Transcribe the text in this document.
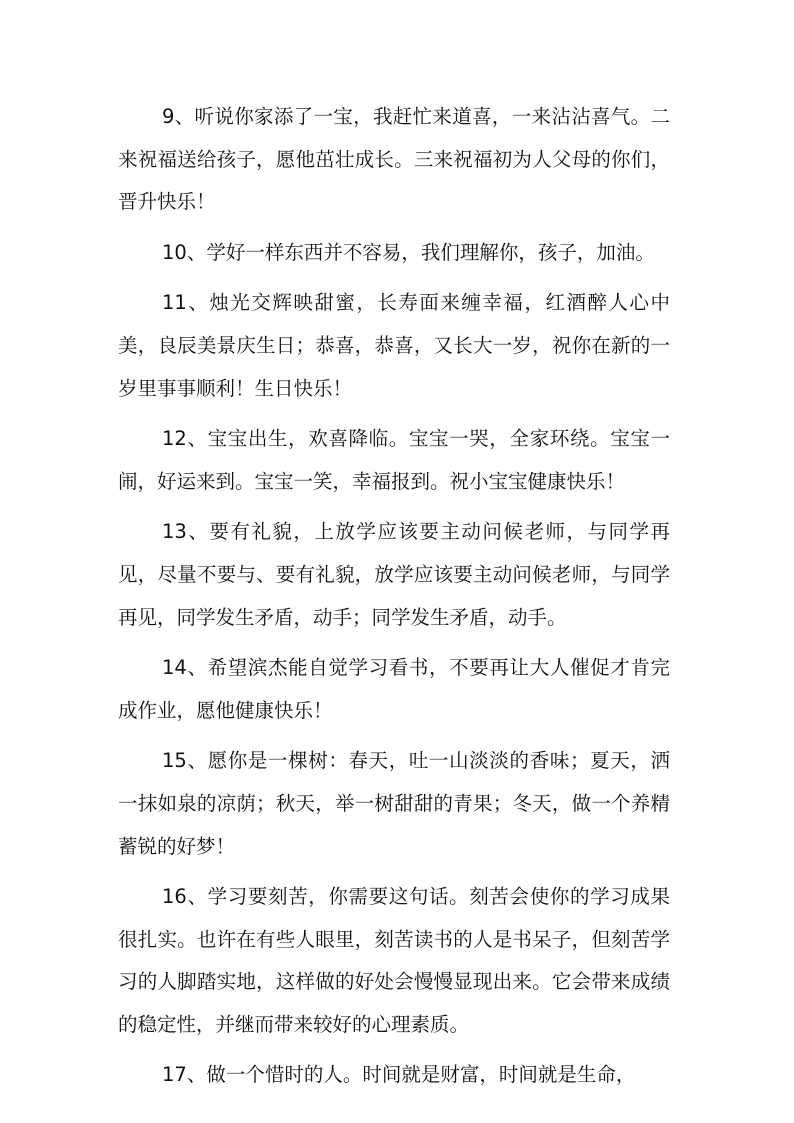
9、听说你家添了一宝，我赶忙来道喜，一来沾沾喜气。二来祝福送给孩子，愿他茁壮成长。三来祝福初为人父母的你们，晋升快乐！

10、学好一样东西并不容易，我们理解你，孩子，加油。

11、烛光交辉映甜蜜，长寿面来缠幸福，红酒醉人心中美，良辰美景庆生日；恭喜，恭喜，又长大一岁，祝你在新的一岁里事事顺利！生日快乐！

12、宝宝出生，欢喜降临。宝宝一哭，全家环绕。宝宝一闹，好运来到。宝宝一笑，幸福报到。祝小宝宝健康快乐！

13、要有礼貌，上放学应该要主动问候老师，与同学再见，尽量不要与、要有礼貌，放学应该要主动问候老师，与同学再见，同学发生矛盾，动手；同学发生矛盾，动手。

14、希望滨杰能自觉学习看书，不要再让大人催促才肯完成作业，愿他健康快乐！

15、愿你是一棵树：春天，吐一山淡淡的香味；夏天，洒一抹如泉的凉荫；秋天，举一树甜甜的青果；冬天，做一个养精蓄锐的好梦！

16、学习要刻苦，你需要这句话。刻苦会使你的学习成果很扎实。也许在有些人眼里，刻苦读书的人是书呆子，但刻苦学习的人脚踏实地，这样做的好处会慢慢显现出来。它会带来成绩的稳定性，并继而带来较好的心理素质。

17、做一个惜时的人。时间就是财富，时间就是生命，
